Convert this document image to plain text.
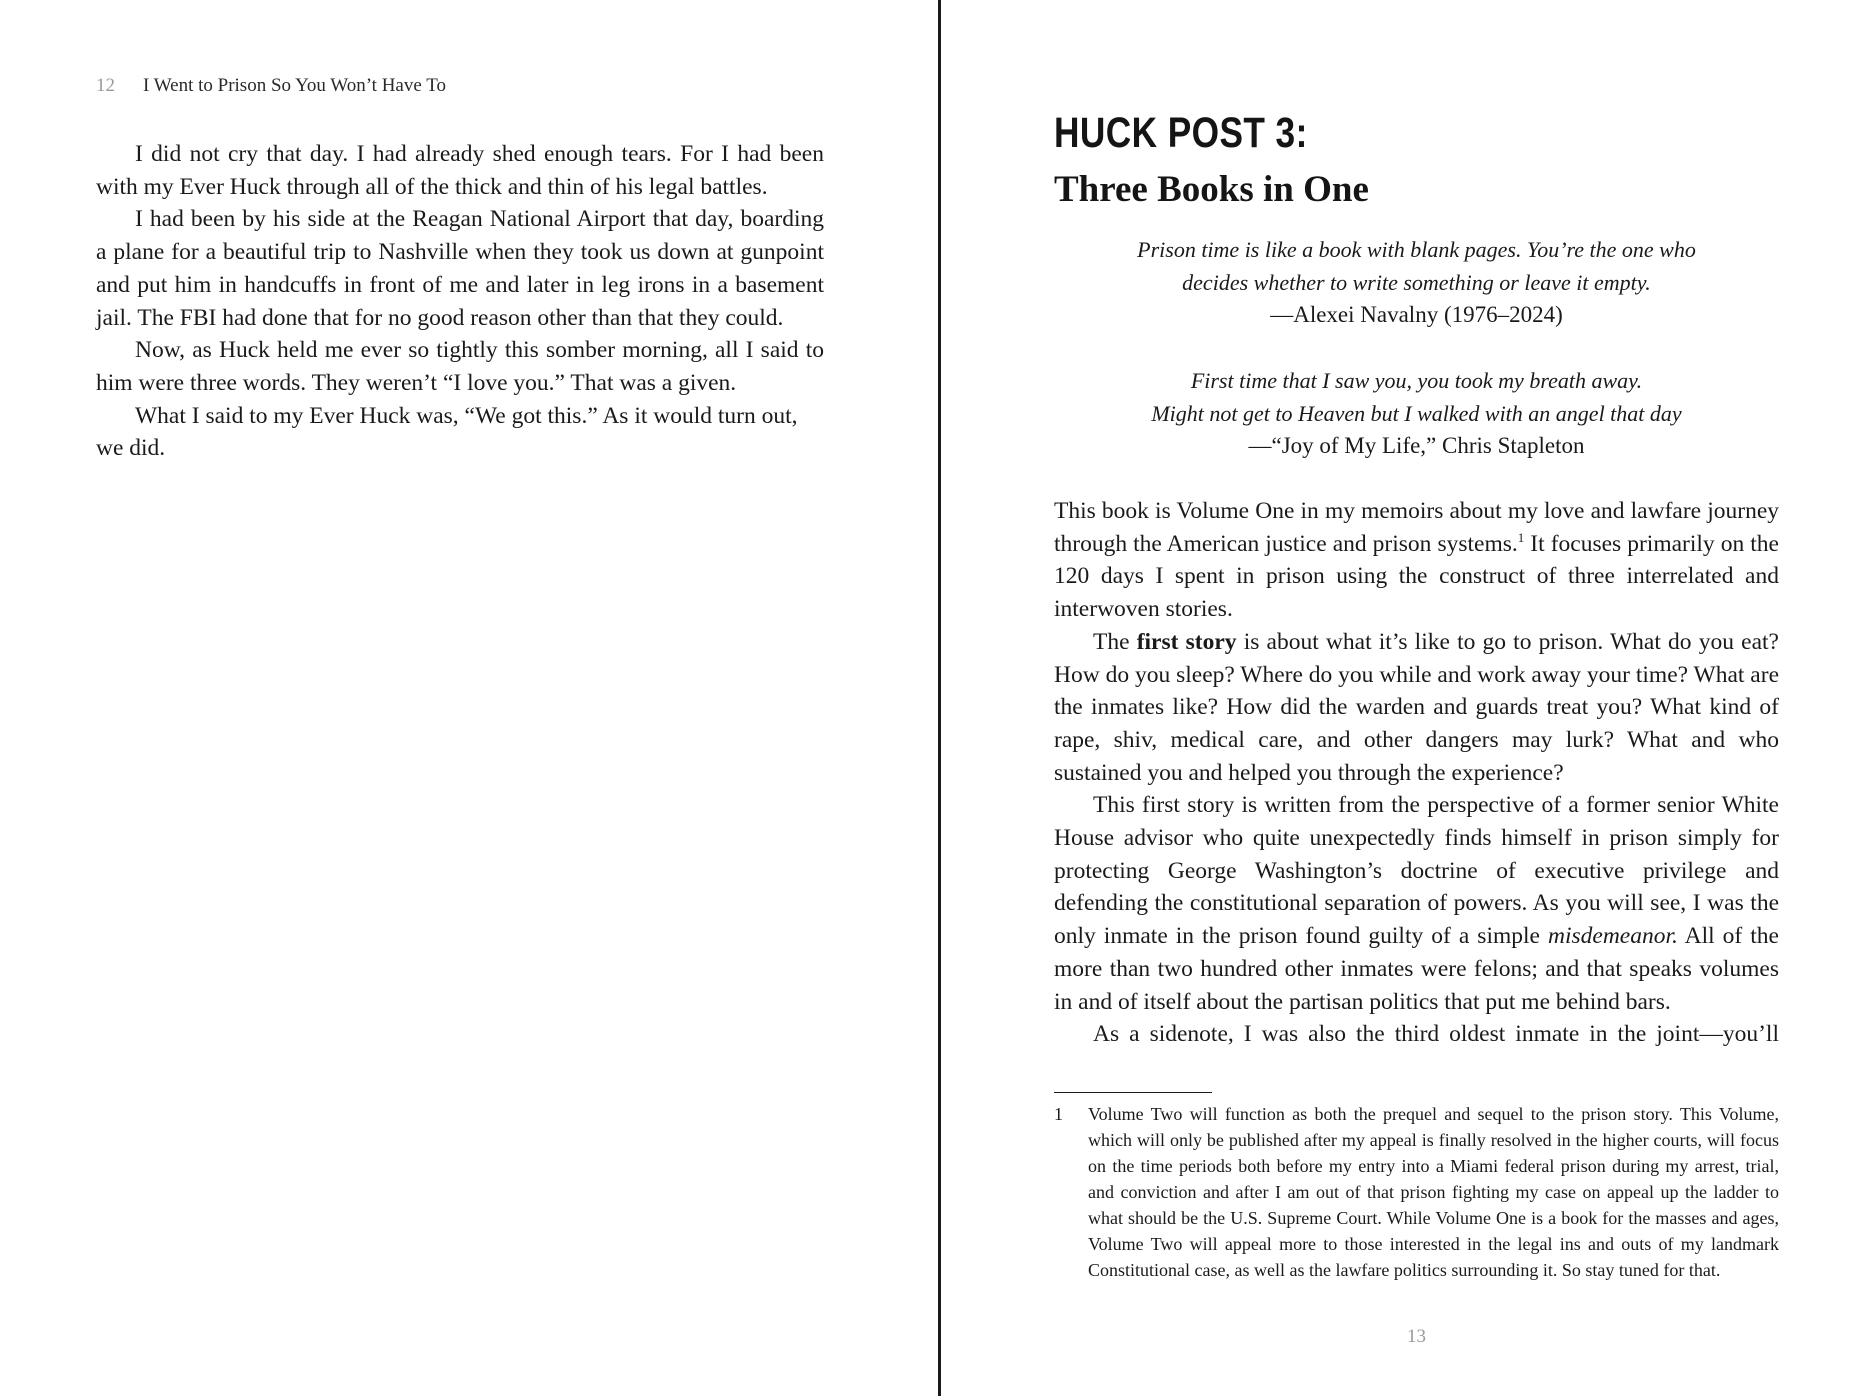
12 I Went to Prison So You Won’t Have To

I did not cry that day. I had already shed enough tears. For I had been with my Ever Huck through all of the thick and thin of his legal battles.

I had been by his side at the Reagan National Airport that day, boarding a plane for a beautiful trip to Nashville when they took us down at gunpoint and put him in handcuffs in front of me and later in leg irons in a basement jail. The FBI had done that for no good reason other than that they could.

Now, as Huck held me ever so tightly this somber morning, all I said to him were three words. They weren’t “I love you.” That was a given.

What I said to my Ever Huck was, “We got this.” As it would turn out, we did.

HUCK POST 3:
Three Books in One
Prison time is like a book with blank pages. You’re the one who
decides whether to write something or leave it empty.
—Alexei Navalny (1976–2024)
First time that I saw you, you took my breath away.
Might not get to Heaven but I walked with an angel that day
—“Joy of My Life,” Chris Stapleton

This book is Volume One in my memoirs about my love and lawfare journey through the American justice and prison systems.$^1$ It focuses primarily on the 120 days I spent in prison using the construct of three interrelated and interwoven stories.

The first story is about what it’s like to go to prison. What do you eat? How do you sleep? Where do you while and work away your time? What are the inmates like? How did the warden and guards treat you? What kind of rape, shiv, medical care, and other dangers may lurk? What and who sustained you and helped you through the experience?

This first story is written from the perspective of a former senior White House advisor who quite unexpectedly finds himself in prison simply for protecting George Washington’s doctrine of executive privilege and defending the constitutional separation of powers. As you will see, I was the only inmate in the prison found guilty of a simple misdemeanor. All of the more than two hundred other inmates were felons; and that speaks volumes in and of itself about the partisan politics that put me behind bars.

As a sidenote, I was also the third oldest inmate in the joint—you’ll

1 Volume Two will function as both the prequel and sequel to the prison story. This Volume, which will only be published after my appeal is finally resolved in the higher courts, will focus on the time periods both before my entry into a Miami federal prison during my arrest, trial, and conviction and after I am out of that prison fighting my case on appeal up the ladder to what should be the U.S. Supreme Court. While Volume One is a book for the masses and ages, Volume Two will appeal more to those interested in the legal ins and outs of my landmark Constitutional case, as well as the lawfare politics surrounding it. So stay tuned for that.
13
